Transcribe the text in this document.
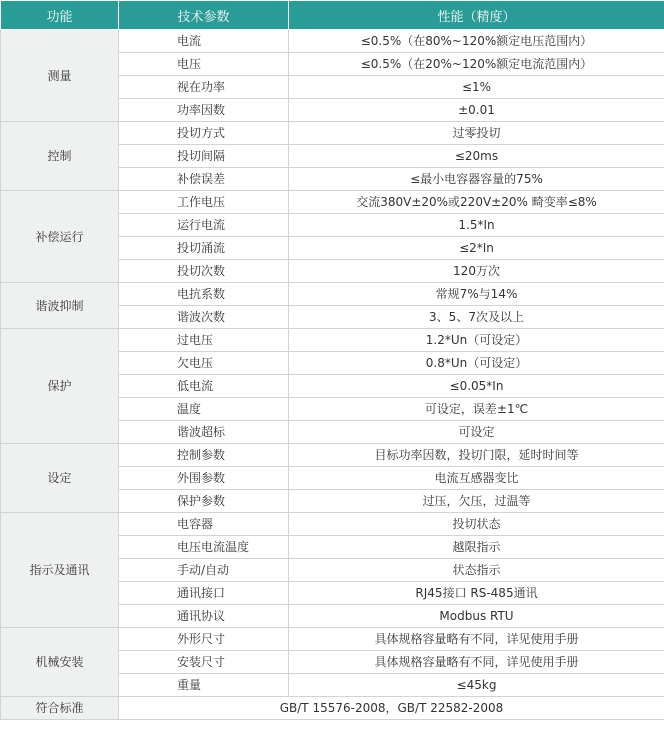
功能	技术参数	性能（精度）
测量	电流	≤0.5%（在80%~120%额定电压范围内）
	电压	≤0.5%（在20%~120%额定电流范围内）
	视在功率	≤1%
	功率因数	±0.01
控制	投切方式	过零投切
	投切间隔	≤20ms
	补偿误差	≤最小电容器容量的75%
补偿运行	工作电压	交流380V±20%或220V±20% 畸变率≤8%
	运行电流	1.5*In
	投切涌流	≤2*In
	投切次数	120万次
谐波抑制	电抗系数	常规7%与14%
	谐波次数	3、5、7次及以上
保护	过电压	1.2*Un（可设定）
	欠电压	0.8*Un（可设定）
	低电流	≤0.05*In
	温度	可设定，误差±1℃
	谐波超标	可设定
设定	控制参数	目标功率因数，投切门限，延时时间等
	外围参数	电流互感器变比
	保护参数	过压，欠压，过温等
指示及通讯	电容器	投切状态
	电压电流温度	越限指示
	手动/自动	状态指示
	通讯接口	RJ45接口 RS-485通讯
	通讯协议	Modbus RTU
机械安装	外形尺寸	具体规格容量略有不同，详见使用手册
	安装尺寸	具体规格容量略有不同，详见使用手册
	重量	≤45kg
符合标准	GB/T 15576-2008，GB/T 22582-2008	
